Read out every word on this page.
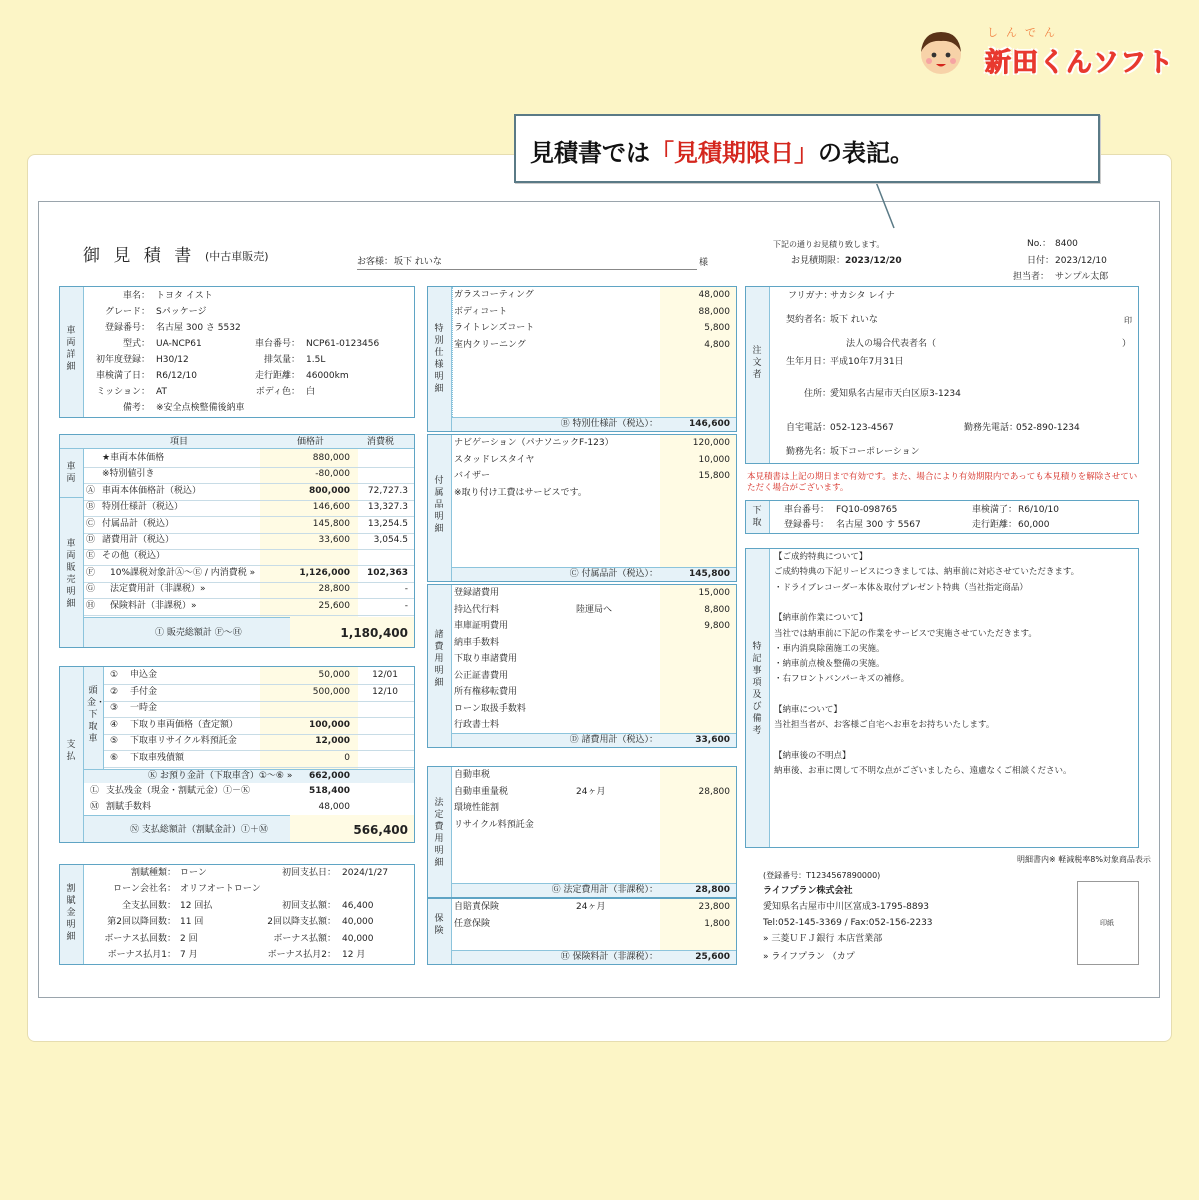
しんでん
新田くんソフト
見積書では「見積期限日」の表記。
御 見 積 書 (中古車販売)	お客様： 坂下 れいな	様
下記の通りお見積り致します。	No.： 8400
お見積期限： 2023/12/20	日付： 2023/12/10
担当者： サンプル太郎
車両詳細
車名： トヨタ イスト
グレード： Sパッケージ
登録番号： 名古屋 300 さ 5532
型式： UA-NCP61	車台番号： NCP61-0123456
初年度登録： H30/12	排気量： 1.5L
車検満了日： R6/12/10	走行距離： 46000km
ミッション： AT	ボディ色： 白
備考： ※安全点検整備後納車
項目	価格計	消費税
車両
車両販売明細
★車両本体価格	880,000
※特別値引き	-80,000
Ⓐ 車両本体価格計（税込）	800,000	72,727.3
Ⓑ 特別仕様計（税込）	146,600	13,327.3
Ⓒ 付属品計（税込）	145,800	13,254.5
Ⓓ 諸費用計（税込）	33,600	3,054.5
Ⓔ その他（税込）
Ⓕ 10%課税対象計Ⓐ～Ⓔ / 内消費税 »	1,126,000	102,363
Ⓖ 法定費用計（非課税）»	28,800	-
Ⓗ 保険料計（非課税）»	25,600	-
Ⓘ 販売総額計 Ⓕ～Ⓗ	1,180,400
支払
頭金・下取車
① 申込金	50,000	12/01
② 手付金	500,000	12/10
③ 一時金
④ 下取り車両価格（査定額）	100,000
⑤ 下取車リサイクル料預託金	12,000
⑥ 下取車残債額	0
Ⓚ お預り金計（下取車含）①～⑥ »	662,000
Ⓛ 支払残金（現金・割賦元金）Ⓘ－Ⓚ	518,400
Ⓜ 割賦手数料	48,000
Ⓝ 支払総額計（割賦金計）Ⓘ＋Ⓜ	566,400
割賦金明細
割賦種類： ローン	初回支払日： 2024/1/27
ローン会社名： オリフオートローン
全支払回数： 12 回払	初回支払額： 46,400
第2回以降回数： 11 回	2回以降支払額： 40,000
ボーナス払回数： 2 回	ボーナス払額： 40,000
ボーナス払月1： 7 月	ボーナス払月2： 12 月
特別仕様明細
ガラスコーティング	48,000
ボディコート	88,000
ライトレンズコート	5,800
室内クリーニング	4,800
Ⓑ 特別仕様計（税込）：	146,600
付属品明細
ナビゲーション（パナソニックF-123）	120,000
スタッドレスタイヤ	10,000
バイザー	15,800
※取り付け工費はサービスです。
Ⓒ 付属品計（税込）：	145,800
諸費用明細
登録諸費用	15,000
持込代行料	陸運局へ	8,800
車庫証明費用	9,800
納車手数料
下取り車諸費用
公正証書費用
所有権移転費用
ローン取扱手数料
行政書士料
Ⓓ 諸費用計（税込）：	33,600
法定費用明細
自動車税
自動車重量税	24ヶ月	28,800
環境性能割
リサイクル料預託金
Ⓖ 法定費用計（非課税）：	28,800
保険
自賠責保険	24ヶ月	23,800
任意保険	1,800
Ⓗ 保険料計（非課税）：	25,600
注文者
フリガナ：
サカシタ レイナ
契約者名：
坂下 れいな	印
法人の場合代表者名（	）
生年月日：
平成10年7月31日
住所：
愛知県名古屋市天白区原3-1234
自宅電話：
052-123-4567	勤務先電話：
052-890-1234
勤務先名：
坂下コーポレーション
本見積書は上記の期日まで有効です。また、場合により有効期限内であっても本見積りを解除させていただく場合がございます。
下取
車台番号： FQ10-098765	車検満了： R6/10/10
登録番号： 名古屋 300 す 5567	走行距離： 60,000
特記事項及び備考
【ご成約特典について】
ご成約特典の下記リービスにつきましては、納車前に対応させていただきます。
・ドライブレコーダー本体＆取付プレゼント特典（当社指定商品）
【納車前作業について】
当社では納車前に下記の作業をサービスで実施させていただきます。
・車内消臭除菌施工の実施。
・納車前点検＆整備の実施。
・右フロントバンパーキズの補修。
【納車について】
当社担当者が、お客様ご自宅へお車をお持ちいたします。
【納車後の不明点】
納車後、お車に関して不明な点がございましたら、遠慮なくご相談ください。
明細書内※ 軽減税率8%対象商品表示
(登録番号：T1234567890000)
ライフプラン株式会社
愛知県名古屋市中川区富成3-1795-8893
Tel:052-145-3369 / Fax:052-156-2233
» 三菱ＵＦＪ銀行 本店営業部
» ライフプラン （カプ
印紙
